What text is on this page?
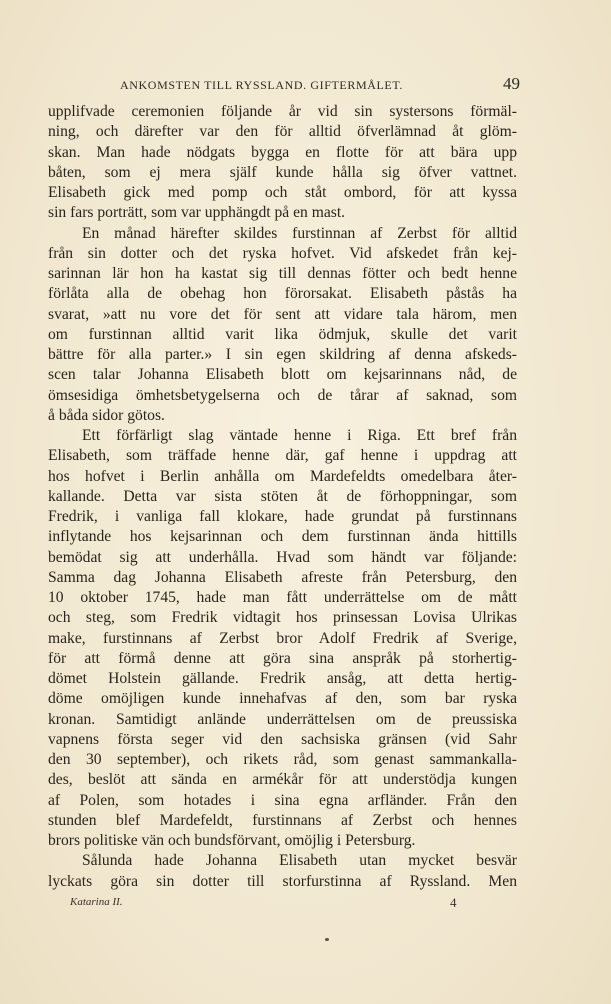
ANKOMSTEN TILL RYSSLAND. GIFTERMÅLET.	49
upplifvade ceremonien följande år vid sin systersons förmäl-
ning, och därefter var den för alltid öfverlämnad åt glöm-
skan. Man hade nödgats bygga en flotte för att bära upp
båten, som ej mera själf kunde hålla sig öfver vattnet.
Elisabeth gick med pomp och ståt ombord, för att kyssa
sin fars porträtt, som var upphängdt på en mast.
En månad härefter skildes furstinnan af Zerbst för alltid
från sin dotter och det ryska hofvet. Vid afskedet från kej-
sarinnan lär hon ha kastat sig till dennas fötter och bedt henne
förlåta alla de obehag hon förorsakat. Elisabeth påstås ha
svarat, »att nu vore det för sent att vidare tala härom, men
om furstinnan alltid varit lika ödmjuk, skulle det varit
bättre för alla parter.» I sin egen skildring af denna afskeds-
scen talar Johanna Elisabeth blott om kejsarinnans nåd, de
ömsesidiga ömhetsbetygelserna och de tårar af saknad, som
å båda sidor götos.
Ett förfärligt slag väntade henne i Riga. Ett bref från
Elisabeth, som träffade henne där, gaf henne i uppdrag att
hos hofvet i Berlin anhålla om Mardefeldts omedelbara åter-
kallande. Detta var sista stöten åt de förhoppningar, som
Fredrik, i vanliga fall klokare, hade grundat på furstinnans
inflytande hos kejsarinnan och dem furstinnan ända hittills
bemödat sig att underhålla. Hvad som händt var följande:
Samma dag Johanna Elisabeth afreste från Petersburg, den
10 oktober 1745, hade man fått underrättelse om de mått
och steg, som Fredrik vidtagit hos prinsessan Lovisa Ulrikas
make, furstinnans af Zerbst bror Adolf Fredrik af Sverige,
för att förmå denne att göra sina anspråk på storhertig-
dömet Holstein gällande. Fredrik ansåg, att detta hertig-
döme omöjligen kunde innehafvas af den, som bar ryska
kronan. Samtidigt anlände underrättelsen om de preussiska
vapnens första seger vid den sachsiska gränsen (vid Sahr
den 30 september), och rikets råd, som genast sammankalla-
des, beslöt att sända en armékår för att understödja kungen
af Polen, som hotades i sina egna arfländer. Från den
stunden blef Mardefeldt, furstinnans af Zerbst och hennes
brors politiske vän och bundsförvant, omöjlig i Petersburg.
Sålunda hade Johanna Elisabeth utan mycket besvär
lyckats göra sin dotter till storfurstinna af Ryssland. Men
Katarina II.	4
